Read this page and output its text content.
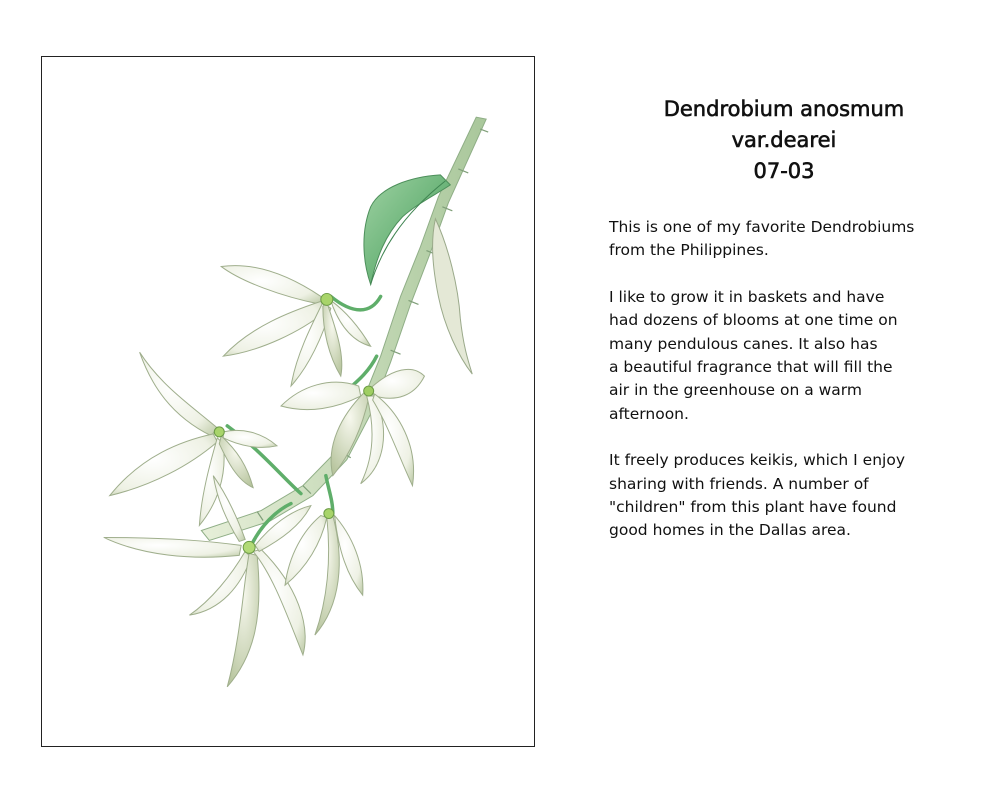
Dendrobium anosmum
var.dearei
07-03

This is one of my favorite Dendrobiums
from the Philippines.

I like to grow it in baskets and have
had dozens of blooms at one time on
many pendulous canes. It also has
a beautiful fragrance that will fill the
air in the greenhouse on a warm
afternoon.

It freely produces keikis, which I enjoy
sharing with friends. A number of
"children" from this plant have found
good homes in the Dallas area.
